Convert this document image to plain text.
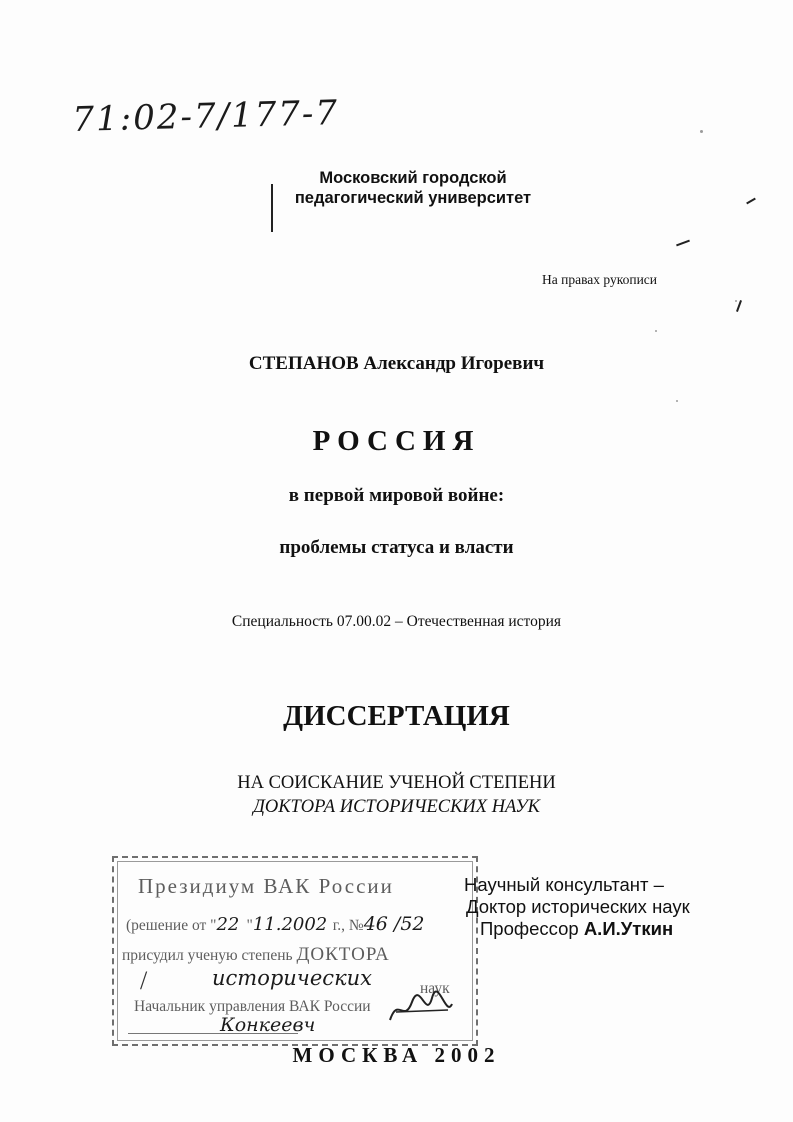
71:02-7/177-7
Московский городской
педагогический университет
На правах рукописи
СТЕПАНОВ Александр Игоревич
РОССИЯ
в первой мировой войне:
проблемы статуса и власти
Специальность 07.00.02 – Отечественная история
ДИССЕРТАЦИЯ
НА СОИСКАНИЕ УЧЕНОЙ СТЕПЕНИ
ДОКТОРА ИСТОРИЧЕСКИХ НАУК
Президиум ВАК России
(решение от "22 "11.2002 г., №46 /52
присудил ученую степень ДОКТОРА
/	исторических	наук
Начальник управления ВАК России
Конкеевч
Научный консультант –
Доктор исторических наук
Профессор А.И.Уткин
МОСКВА 2002
